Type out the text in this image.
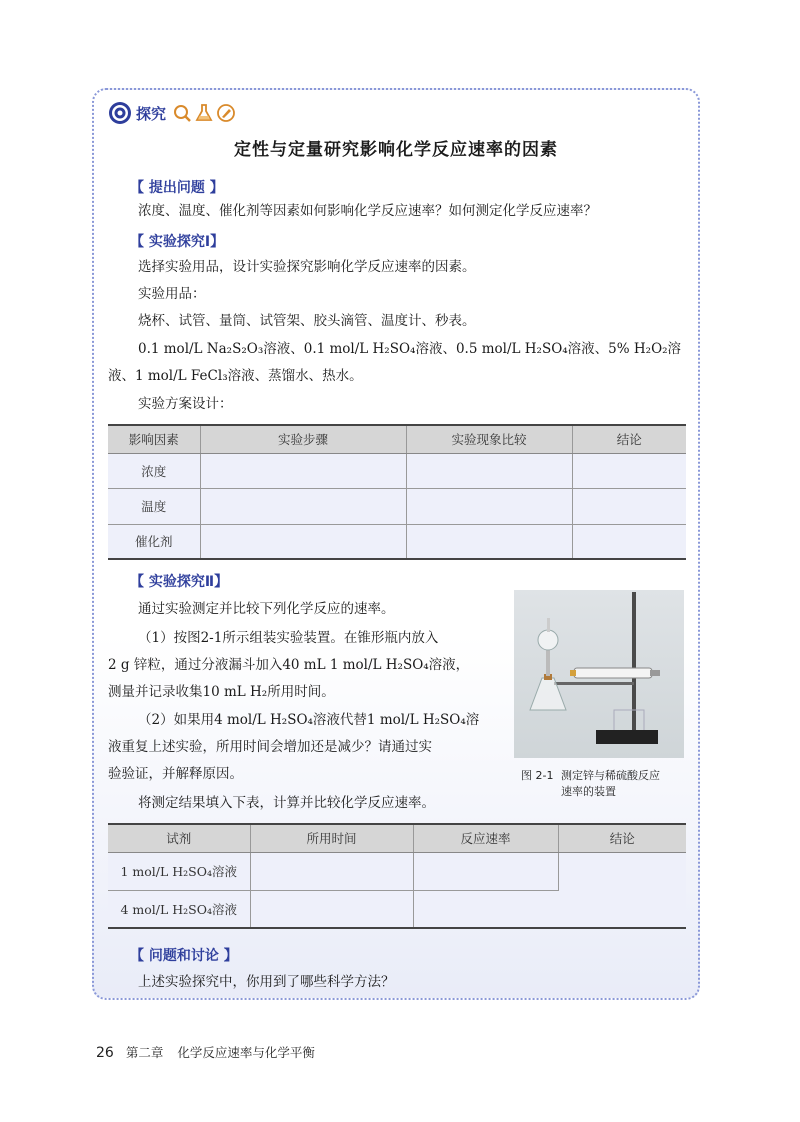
探究
定性与定量研究影响化学反应速率的因素
【 提出问题 】
浓度、温度、催化剂等因素如何影响化学反应速率？如何测定化学反应速率？
【 实验探究Ⅰ】
选择实验用品，设计实验探究影响化学反应速率的因素。
实验用品：
烧杯、试管、量筒、试管架、胶头滴管、温度计、秒表。
0.1 mol/L Na₂S₂O₃溶液、0.1 mol/L H₂SO₄溶液、0.5 mol/L H₂SO₄溶液、5% H₂O₂溶
液、1 mol/L FeCl₃溶液、蒸馏水、热水。
实验方案设计：
影响因素	实验步骤	实验现象比较	结论
浓度			
温度			
催化剂			
【 实验探究Ⅱ】
通过实验测定并比较下列化学反应的速率。
（1）按图2-1所示组装实验装置。在锥形瓶内放入
2 g 锌粒，通过分液漏斗加入40 mL 1 mol/L H₂SO₄溶液，
测量并记录收集10 mL H₂所用时间。
（2）如果用4 mol/L H₂SO₄溶液代替1 mol/L H₂SO₄溶
液重复上述实验，所用时间会增加还是减少？请通过实
验验证，并解释原因。
将测定结果填入下表，计算并比较化学反应速率。
试剂	所用时间	反应速率	结论
1 mol/L H₂SO₄溶液			
4 mol/L H₂SO₄溶液			
【 问题和讨论 】
上述实验探究中，你用到了哪些科学方法？
图 2-1 测定锌与稀硫酸反应
速率的装置
26 第二章 化学反应速率与化学平衡
